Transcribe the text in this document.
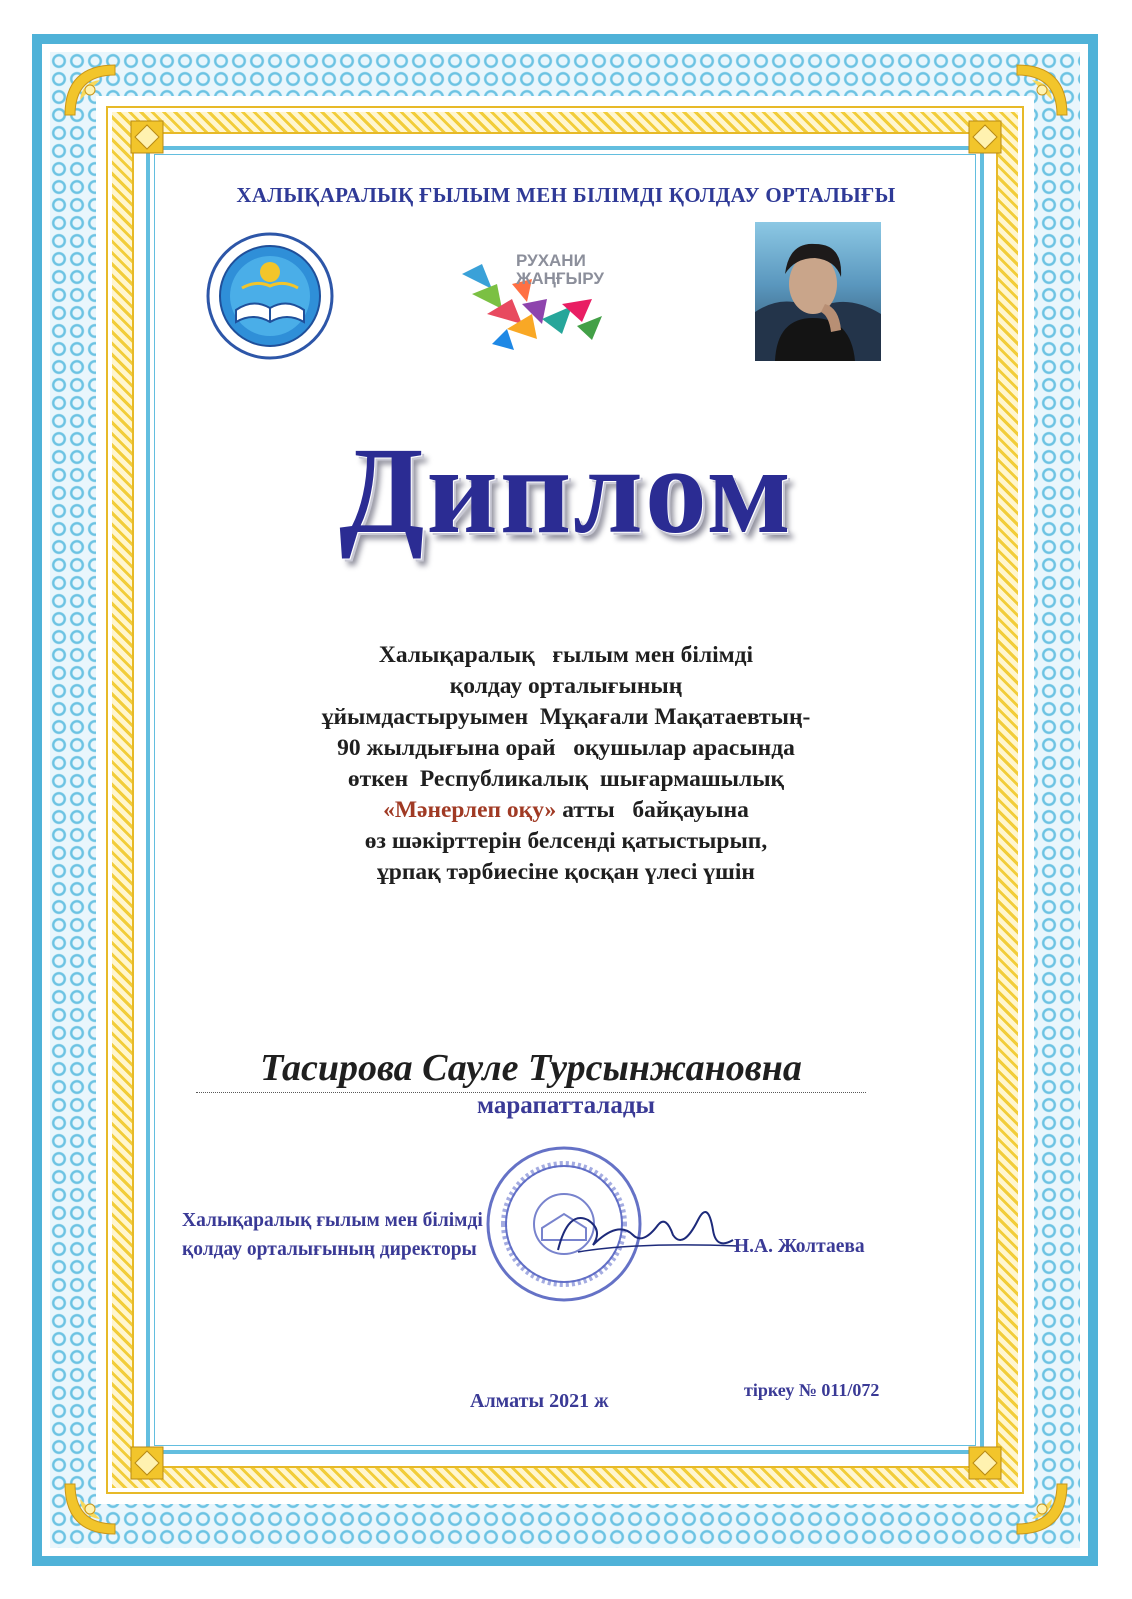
ХАЛЫҚАРАЛЫҚ ҒЫЛЫМ МЕН БІЛІМДІ ҚОЛДАУ ОРТАЛЫҒЫ
РУХАНИ
ЖАҢҒЫРУ
Диплом
Халықаралық   ғылым мен білімді
қолдау орталығының
ұйымдастыруымен  Мұқағали Мақатаевтың-
90 жылдығына орай   оқушылар арасында
өткен  Республикалық  шығармашылық
«Мәнерлеп оқу» атты   байқауына
өз шәкірттерін белсенді қатыстырып,
ұрпақ тәрбиесіне қосқан үлесі үшін
Тасирова Сауле Турсынжановна
марапатталады
Халықаралық ғылым мен білімді
қолдау орталығының директоры	Н.А. Жолтаева
Алматы 2021 ж	тіркеу № 011/072
